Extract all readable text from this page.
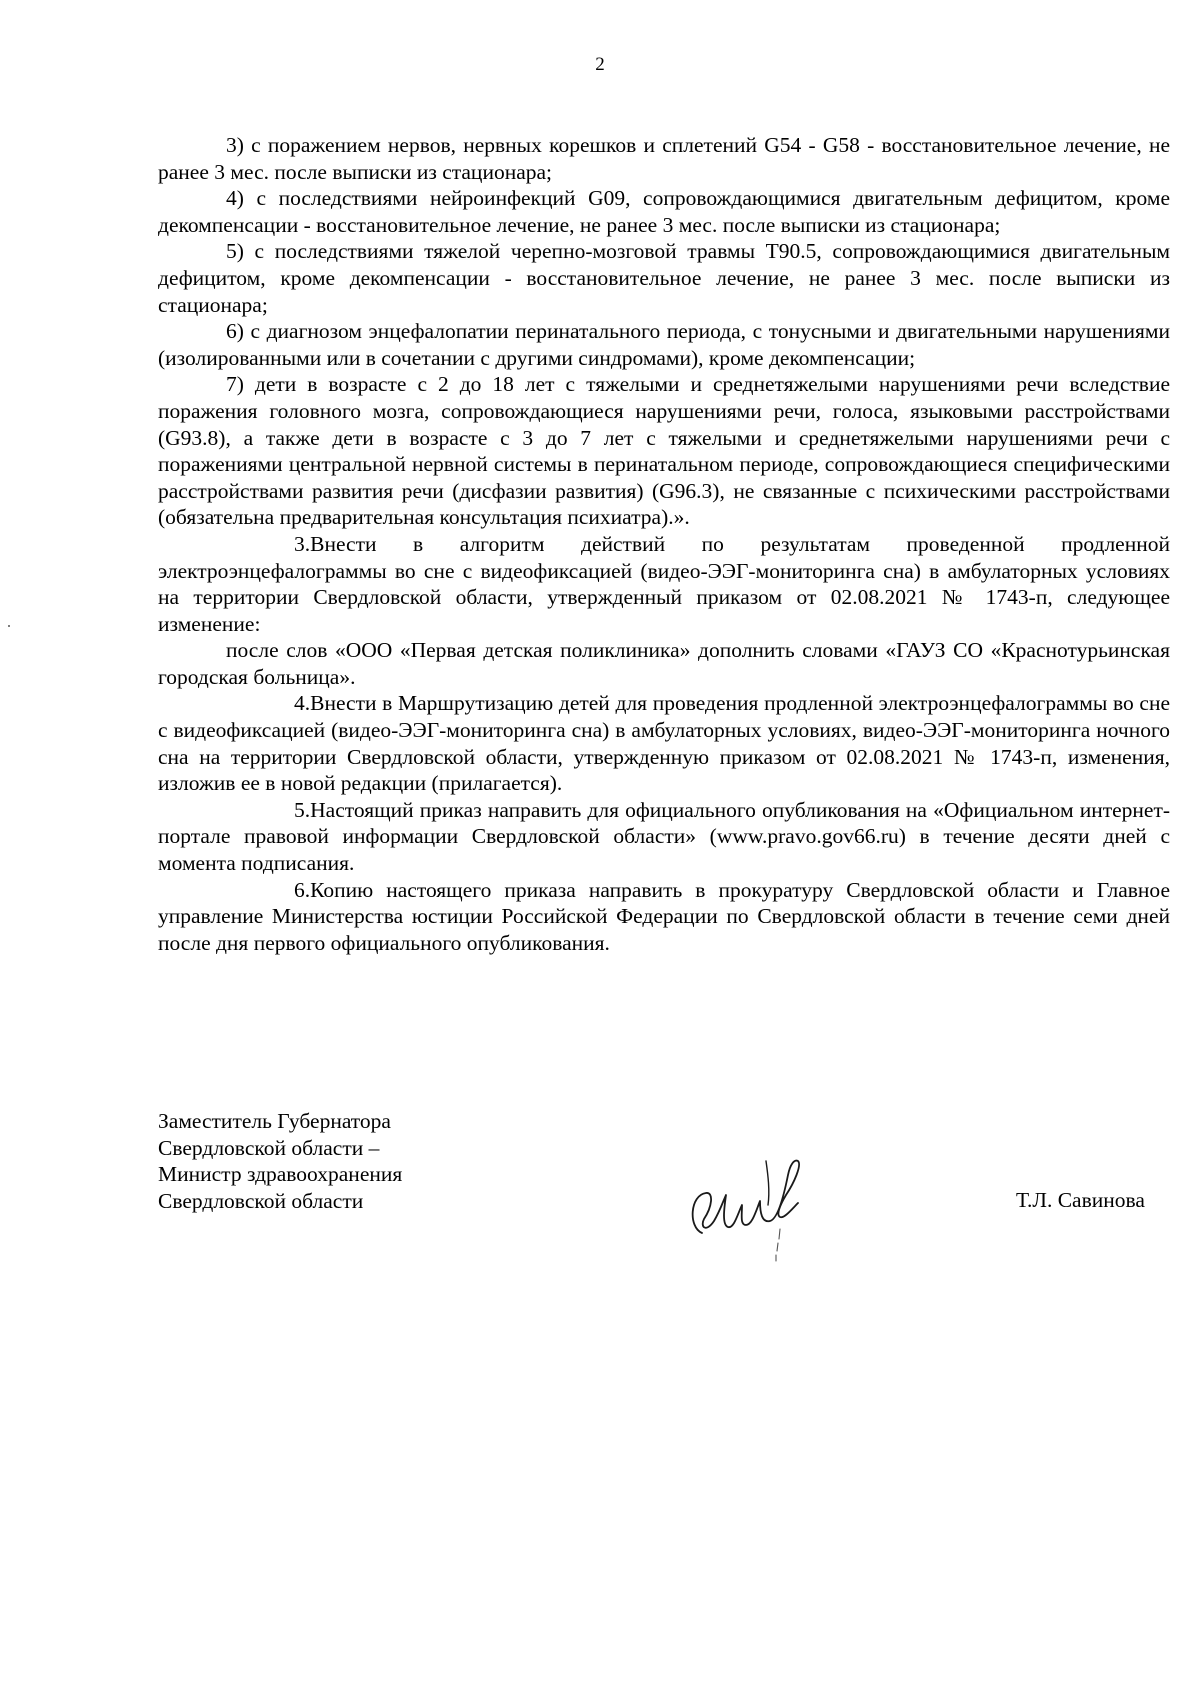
2

3) с поражением нервов, нервных корешков и сплетений G54 - G58 - восстановительное лечение, не ранее 3 мес. после выписки из стационара;

4) с последствиями нейроинфекций G09, сопровождающимися двигательным дефицитом, кроме декомпенсации - восстановительное лечение, не ранее 3 мес. после выписки из стационара;

5) с последствиями тяжелой черепно-мозговой травмы Т90.5, сопровождающимися двигательным дефицитом, кроме декомпенсации - восстановительное лечение, не ранее 3 мес. после выписки из стационара;

6) с диагнозом энцефалопатии перинатального периода, с тонусными и двигательными нарушениями (изолированными или в сочетании с другими синдромами), кроме декомпенсации;

7) дети в возрасте с 2 до 18 лет с тяжелыми и среднетяжелыми нарушениями речи вследствие поражения головного мозга, сопровождающиеся нарушениями речи, голоса, языковыми расстройствами (G93.8), а также дети в возрасте с 3 до 7 лет с тяжелыми и среднетяжелыми нарушениями речи с поражениями центральной нервной системы в перинатальном периоде, сопровождающиеся специфическими расстройствами развития речи (дисфазии развития) (G96.3), не связанные с психическими расстройствами (обязательна предварительная консультация психиатра).».

3.Внести в алгоритм действий по результатам проведенной продленной электроэнцефалограммы во сне с видеофиксацией (видео-ЭЭГ-мониторинга сна) в амбулаторных условиях на территории Свердловской области, утвержденный приказом от 02.08.2021 № 1743-п, следующее изменение:

после слов «ООО «Первая детская поликлиника» дополнить словами «ГАУЗ СО «Краснотурьинская городская больница».

4.Внести в Маршрутизацию детей для проведения продленной электроэнцефалограммы во сне с видеофиксацией (видео-ЭЭГ-мониторинга сна) в амбулаторных условиях, видео-ЭЭГ-мониторинга ночного сна на территории Свердловской области, утвержденную приказом от 02.08.2021 № 1743-п, изменения, изложив ее в новой редакции (прилагается).

5.Настоящий приказ направить для официального опубликования на «Официальном интернет-портале правовой информации Свердловской области» (www.pravo.gov66.ru) в течение десяти дней с момента подписания.

6.Копию настоящего приказа направить в прокуратуру Свердловской области и Главное управление Министерства юстиции Российской Федерации по Свердловской области в течение семи дней после дня первого официального опубликования.

Заместитель Губернатора
Свердловской области –
Министр здравоохранения
Свердловской области	Т.Л. Савинова
